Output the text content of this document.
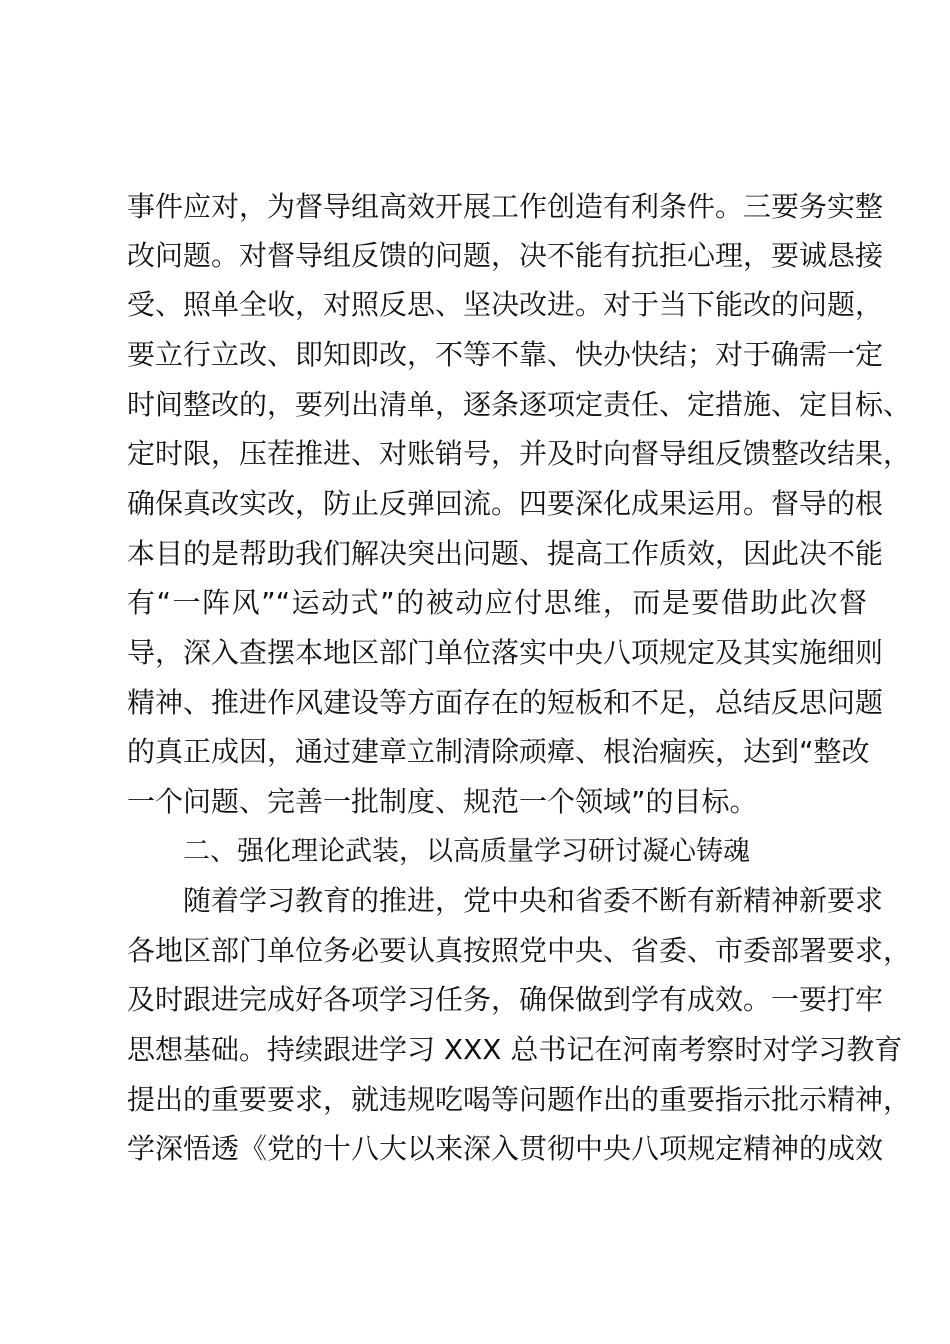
事件应对，为督导组高效开展工作创造有利条件。三要务实整
改问题。对督导组反馈的问题，决不能有抗拒心理，要诚恳接
受、照单全收，对照反思、坚决改进。对于当下能改的问题，
要立行立改、即知即改，不等不靠、快办快结；对于确需一定
时间整改的，要列出清单，逐条逐项定责任、定措施、定目标、
定时限，压茬推进、对账销号，并及时向督导组反馈整改结果，
确保真改实改，防止反弹回流。四要深化成果运用。督导的根
本目的是帮助我们解决突出问题、提高工作质效，因此决不能
有“一阵风”“运动式”的被动应付思维，而是要借助此次督
导，深入查摆本地区部门单位落实中央八项规定及其实施细则
精神、推进作风建设等方面存在的短板和不足，总结反思问题
的真正成因，通过建章立制清除顽瘴、根治痼疾，达到“整改
一个问题、完善一批制度、规范一个领域”的目标。
二、强化理论武装，以高质量学习研讨凝心铸魂
随着学习教育的推进，党中央和省委不断有新精神新要求
各地区部门单位务必要认真按照党中央、省委、市委部署要求，
及时跟进完成好各项学习任务，确保做到学有成效。一要打牢
思想基础。持续跟进学习 XXX 总书记在河南考察时对学习教育
提出的重要要求，就违规吃喝等问题作出的重要指示批示精神，
学深悟透《党的十八大以来深入贯彻中央八项规定精神的成效
